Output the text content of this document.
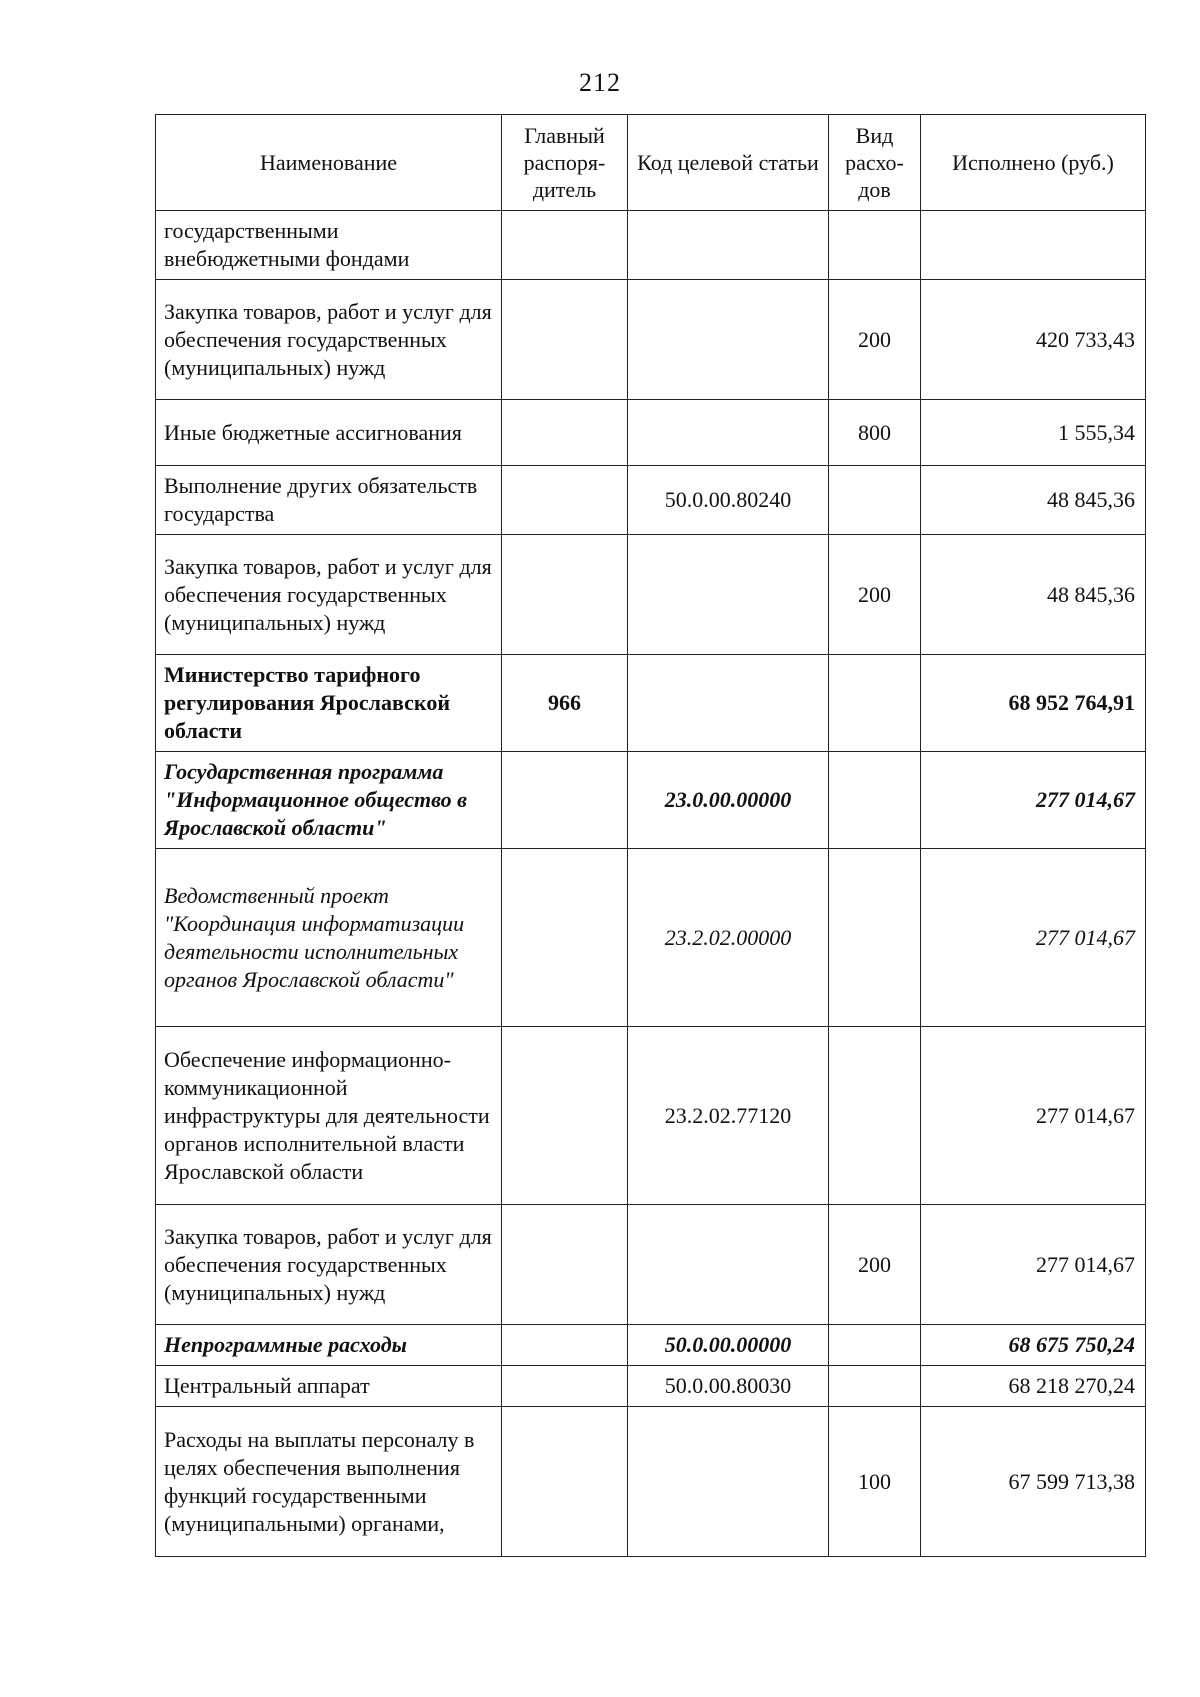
212
Наименование	Главный распоря-дитель	Код целевой статьи	Вид расхо-дов	Исполнено (руб.)
государственными внебюджетными фондами				
Закупка товаров, работ и услуг для обеспечения государственных (муниципальных) нужд			200	420 733,43
Иные бюджетные ассигнования			800	1 555,34
Выполнение других обязательств государства		50.0.00.80240		48 845,36
Закупка товаров, работ и услуг для обеспечения государственных (муниципальных) нужд			200	48 845,36
Министерство тарифного регулирования Ярославской области	966			68 952 764,91
Государственная программа "Информационное общество в Ярославской области"		23.0.00.00000		277 014,67
Ведомственный проект "Координация информатизации деятельности исполнительных органов Ярославской области"		23.2.02.00000		277 014,67
Обеспечение информационно-коммуникационной инфраструктуры для деятельности органов исполнительной власти Ярославской области		23.2.02.77120		277 014,67
Закупка товаров, работ и услуг для обеспечения государственных (муниципальных) нужд			200	277 014,67
Непрограммные расходы		50.0.00.00000		68 675 750,24
Центральный аппарат		50.0.00.80030		68 218 270,24
Расходы на выплаты персоналу в целях обеспечения выполнения функций государственными (муниципальными) органами,			100	67 599 713,38
